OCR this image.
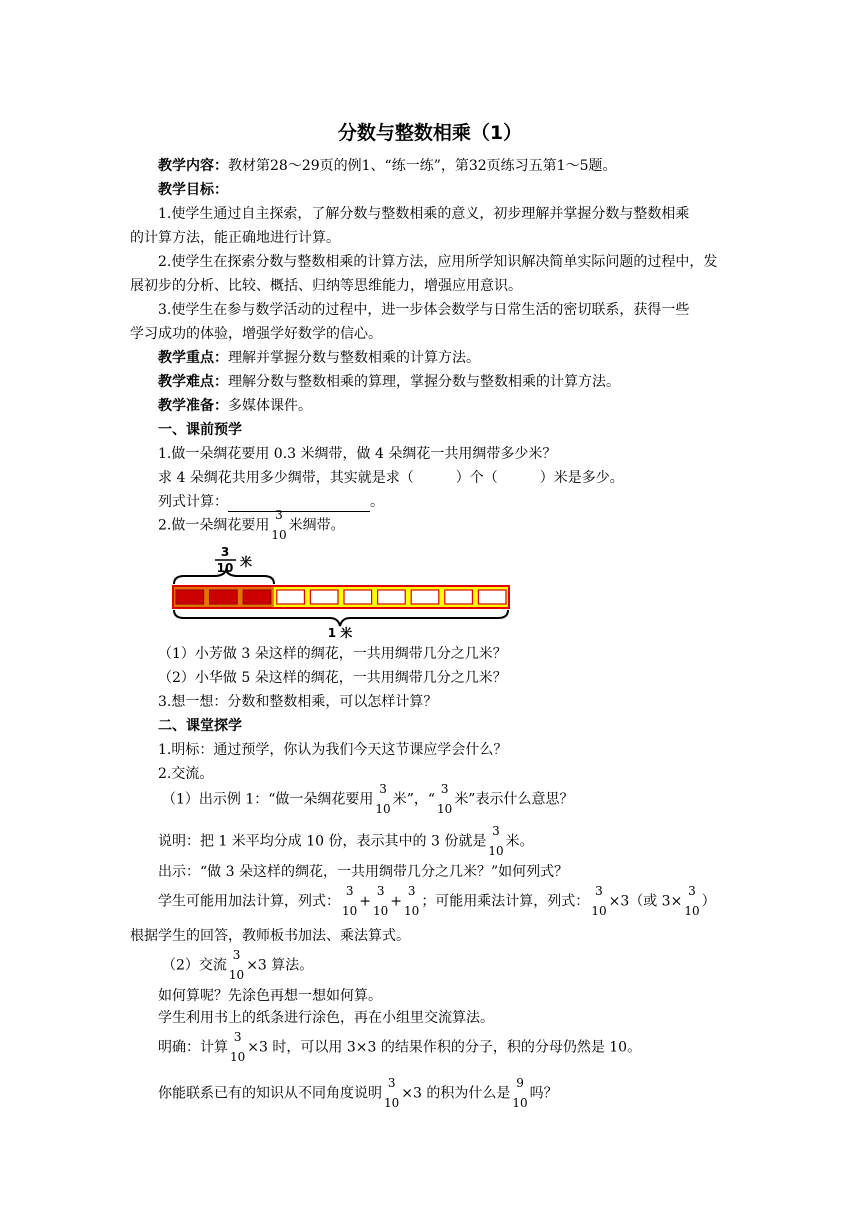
分数与整数相乘（1）
教学内容：教材第28～29页的例1、“练一练”，第32页练习五第1～5题。
教学目标：
1.使学生通过自主探索，了解分数与整数相乘的意义，初步理解并掌握分数与整数相乘
的计算方法，能正确地进行计算。
2.使学生在探索分数与整数相乘的计算方法，应用所学知识解决简单实际问题的过程中，发
展初步的分析、比较、概括、归纳等思维能力，增强应用意识。
3.使学生在参与数学活动的过程中，进一步体会数学与日常生活的密切联系，获得一些
学习成功的体验，增强学好数学的信心。
教学重点：理解并掌握分数与整数相乘的计算方法。
教学难点：理解分数与整数相乘的算理，掌握分数与整数相乘的计算方法。
教学准备：多媒体课件。
一、课前预学
1.做一朵绸花要用 0.3 米绸带，做 4 朵绸花一共用绸带多少米？
求 4 朵绸花共用多少绸带，其实就是求（　　　）个（　　　）米是多少。
列式计算：	。
2.做一朵绸花要用
3
10
米绸带。
3
10 米
1 米
（1）小芳做 3 朵这样的绸花，一共用绸带几分之几米？
（2）小华做 5 朵这样的绸花，一共用绸带几分之几米？
3.想一想：分数和整数相乘，可以怎样计算？
二、课堂探学
1.明标：通过预学，你认为我们今天这节课应学会什么？
2.交流。
（1）出示例 1：“做一朵绸花要用
3
10
米”，“
3
10
米”表示什么意思？
说明：把 1 米平均分成 10 份，表示其中的 3 份就是
3
10
米。
出示：“做 3 朵这样的绸花，一共用绸带几分之几米？”如何列式？
学生可能用加法计算，列式：
3
10
+
3
10
+
3
10
；可能用乘法计算，列式：
3
10
×3（或 3×
3
10
）
根据学生的回答，教师板书加法、乘法算式。
（2）交流
3
10
×3 算法。
如何算呢？先涂色再想一想如何算。
学生利用书上的纸条进行涂色，再在小组里交流算法。
明确：计算
3
10
×3 时，可以用 3×3 的结果作积的分子，积的分母仍然是 10。
你能联系已有的知识从不同角度说明
3
10
×3 的积为什么是
9
10
吗？
